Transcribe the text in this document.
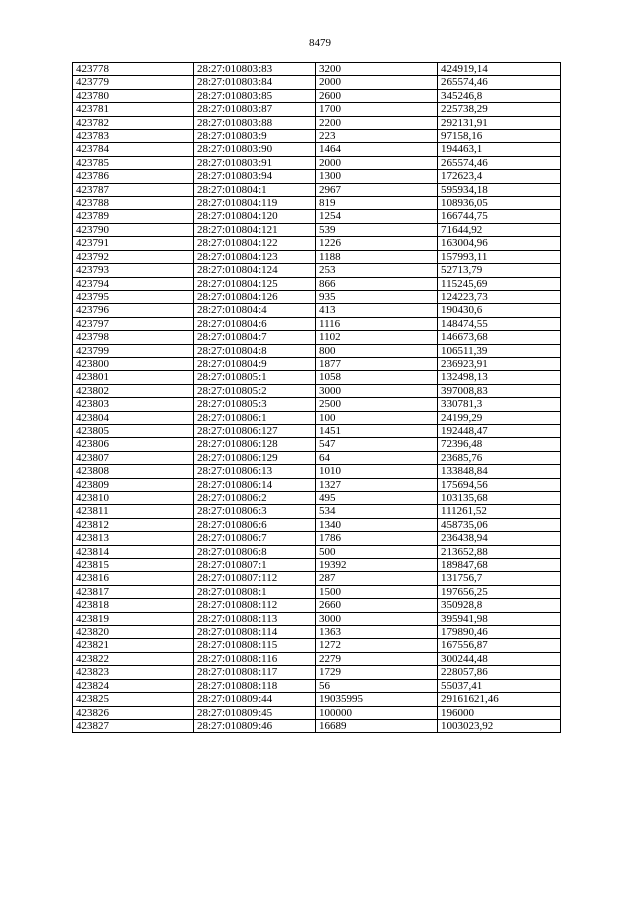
8479
423778	28:27:010803:83	3200	424919,14
423779	28:27:010803:84	2000	265574,46
423780	28:27:010803:85	2600	345246,8
423781	28:27:010803:87	1700	225738,29
423782	28:27:010803:88	2200	292131,91
423783	28:27:010803:9	223	97158,16
423784	28:27:010803:90	1464	194463,1
423785	28:27:010803:91	2000	265574,46
423786	28:27:010803:94	1300	172623,4
423787	28:27:010804:1	2967	595934,18
423788	28:27:010804:119	819	108936,05
423789	28:27:010804:120	1254	166744,75
423790	28:27:010804:121	539	71644,92
423791	28:27:010804:122	1226	163004,96
423792	28:27:010804:123	1188	157993,11
423793	28:27:010804:124	253	52713,79
423794	28:27:010804:125	866	115245,69
423795	28:27:010804:126	935	124223,73
423796	28:27:010804:4	413	190430,6
423797	28:27:010804:6	1116	148474,55
423798	28:27:010804:7	1102	146673,68
423799	28:27:010804:8	800	106511,39
423800	28:27:010804:9	1877	236923,91
423801	28:27:010805:1	1058	132498,13
423802	28:27:010805:2	3000	397008,83
423803	28:27:010805:3	2500	330781,3
423804	28:27:010806:1	100	24199,29
423805	28:27:010806:127	1451	192448,47
423806	28:27:010806:128	547	72396,48
423807	28:27:010806:129	64	23685,76
423808	28:27:010806:13	1010	133848,84
423809	28:27:010806:14	1327	175694,56
423810	28:27:010806:2	495	103135,68
423811	28:27:010806:3	534	111261,52
423812	28:27:010806:6	1340	458735,06
423813	28:27:010806:7	1786	236438,94
423814	28:27:010806:8	500	213652,88
423815	28:27:010807:1	19392	189847,68
423816	28:27:010807:112	287	131756,7
423817	28:27:010808:1	1500	197656,25
423818	28:27:010808:112	2660	350928,8
423819	28:27:010808:113	3000	395941,98
423820	28:27:010808:114	1363	179890,46
423821	28:27:010808:115	1272	167556,87
423822	28:27:010808:116	2279	300244,48
423823	28:27:010808:117	1729	228057,86
423824	28:27:010808:118	56	55037,41
423825	28:27:010809:44	19035995	29161621,46
423826	28:27:010809:45	100000	196000
423827	28:27:010809:46	16689	1003023,92
